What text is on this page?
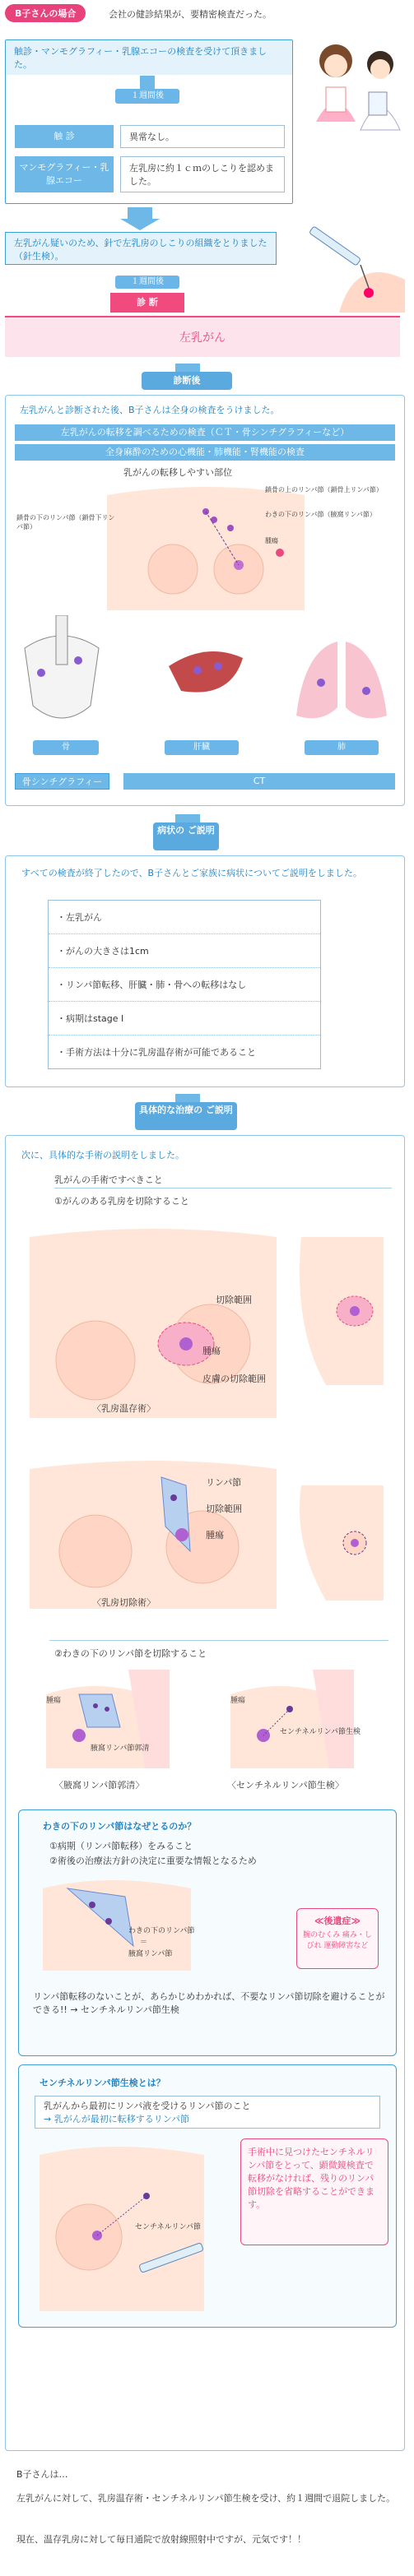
B子さんの場合	会社の健診結果が、要精密検査だった。
触診・マンモグラフィー・乳腺エコーの検査を受けて頂きました。
１週間後
触 診	異常なし。
マンモグラフィー・乳腺エコー
左乳房に約１ｃｍのしこりを認めました。
左乳がん疑いのため、針で左乳房のしこりの組織をとりました（針生検）。
１週間後
診 断
左乳がん
診断後
左乳がんと診断された後、B子さんは全身の検査をうけました。
左乳がんの転移を調べるための検査（ＣＴ・骨シンチグラフィーなど）
全身麻酔のための心機能・肺機能・腎機能の検査
乳がんの転移しやすい部位
鎖骨の下のリンパ節（鎖骨下リンパ節）
鎖骨の上のリンパ節（鎖骨上リンパ節）
わきの下のリンパ節（腋窩リンパ節）
腫瘍
骨	肝臓	肺
骨シンチグラフィー	CT
病状の ご説明
すべての検査が終了したので、B子さんとご家族に病状についてご説明をしました。
・左乳がん
・がんの大きさは1cm
・リンパ節転移、肝臓・肺・骨への転移はなし
・病期はstage I
・手術方法は十分に乳房温存術が可能であること
具体的な治療の ご説明
次に、具体的な手術の説明をしました。
乳がんの手術ですべきこと
①がんのある乳房を切除すること
切除範囲
腫瘍
皮膚の切除範囲
〈乳房温存術〉
リンパ節
切除範囲
腫瘍
〈乳房切除術〉
②わきの下のリンパ節を切除すること
腫瘍
腋窩リンパ節郭清
〈腋窩リンパ節郭清〉
腫瘍
センチネルリンパ節生検
〈センチネルリンパ節生検〉
わきの下のリンパ節はなぜとるのか？
①病期（リンパ節転移）をみること
②術後の治療法方針の決定に重要な情報となるため
わきの下のリンパ節
＝
腋窩リンパ節
≪後遺症≫
腕のむくみ 痛み・しびれ 運動障害など
リンパ節転移のないことが、あらかじめわかれば、不要なリンパ節切除を避けることができる!! → センチネルリンパ節生検
センチネルリンパ節生検とは？
乳がんから最初にリンパ液を受けるリンパ節のこと
→ 乳がんが最初に転移するリンパ節
センチネルリンパ節
手術中に見つけたセンチネルリンパ節をとって、顕微鏡検査で転移がなければ、残りのリンパ節切除を省略することができます。
B子さんは…
左乳がんに対して、乳房温存術・センチネルリンパ節生検を受け、約１週間で退院しました。
現在、温存乳房に対して毎日通院で放射線照射中ですが、元気です！！
